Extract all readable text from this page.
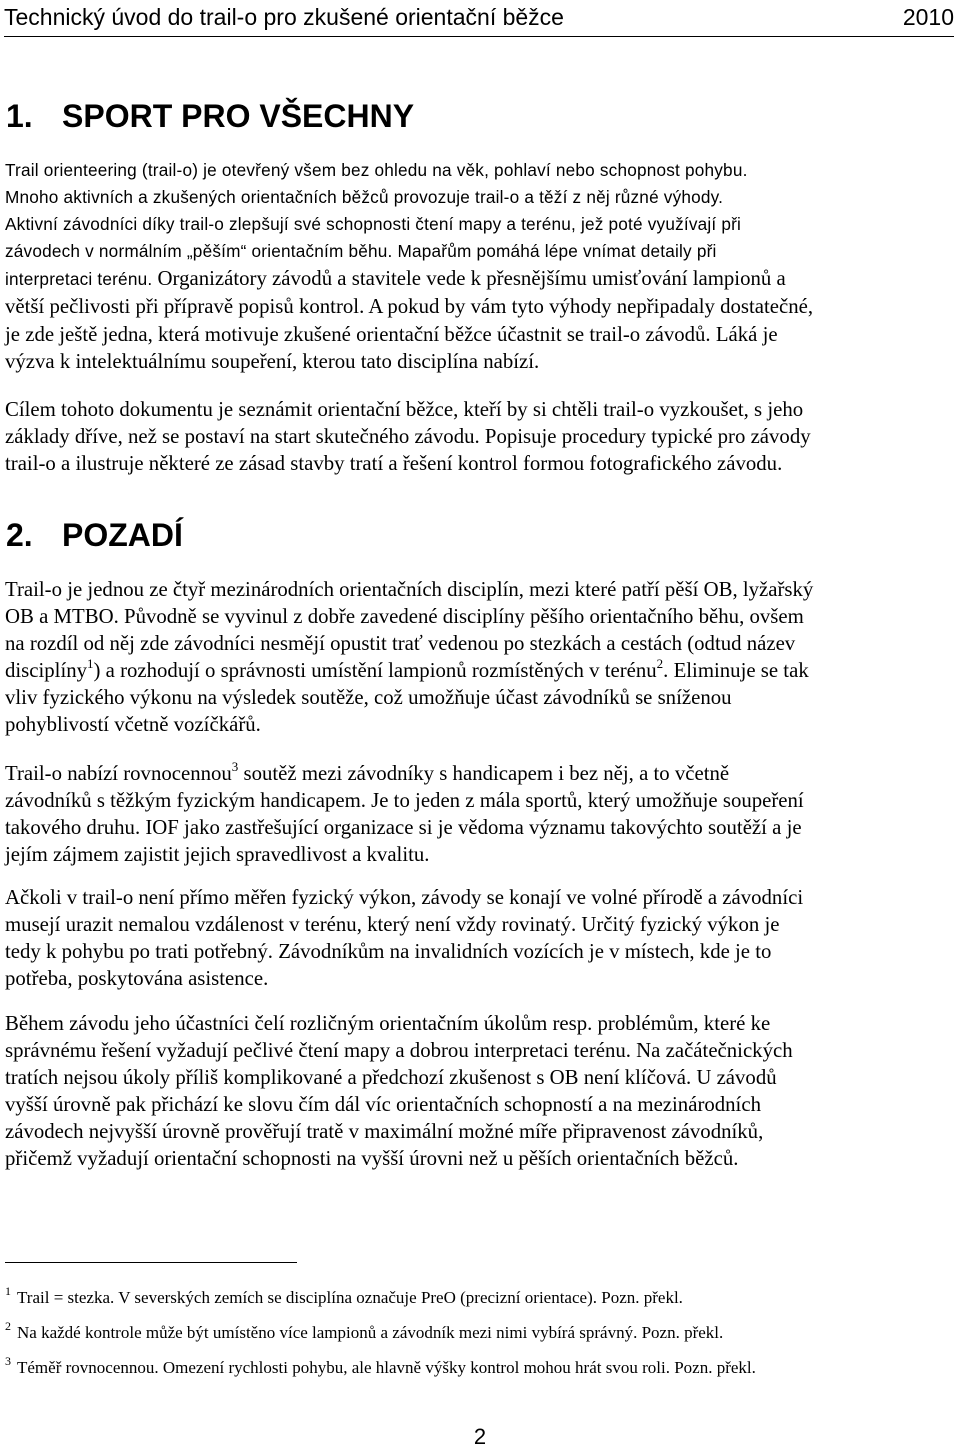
Technický úvod do trail-o pro zkušené orientační běžce	2010
1. SPORT PRO VŠECHNY
Trail orienteering (trail-o) je otevřený všem bez ohledu na věk, pohlaví nebo schopnost pohybu.
Mnoho aktivních a zkušených orientačních běžců provozuje trail-o a těží z něj různé výhody.
Aktivní závodníci díky trail-o zlepšují své schopnosti čtení mapy a terénu, jež poté využívají při
závodech v normálním „pěším“ orientačním běhu. Mapařům pomáhá lépe vnímat detaily při
interpretaci terénu. Organizátory závodů a stavitele vede k přesnějšímu umisťování lampionů a
větší pečlivosti při přípravě popisů kontrol. A pokud by vám tyto výhody nepřipadaly dostatečné,
je zde ještě jedna, která motivuje zkušené orientační běžce účastnit se trail-o závodů. Láká je
výzva k intelektuálnímu soupeření, kterou tato disciplína nabízí.
Cílem tohoto dokumentu je seznámit orientační běžce, kteří by si chtěli trail-o vyzkoušet, s jeho
základy dříve, než se postaví na start skutečného závodu. Popisuje procedury typické pro závody
trail-o a ilustruje některé ze zásad stavby tratí a řešení kontrol formou fotografického závodu.
2. POZADÍ
Trail-o je jednou ze čtyř mezinárodních orientačních disciplín, mezi které patří pěší OB, lyžařský
OB a MTBO. Původně se vyvinul z dobře zavedené disciplíny pěšího orientačního běhu, ovšem
na rozdíl od něj zde závodníci nesmějí opustit trať vedenou po stezkách a cestách (odtud název
disciplíny$^1$) a rozhodují o správnosti umístění lampionů rozmístěných v terénu$^2$. Eliminuje se tak
vliv fyzického výkonu na výsledek soutěže, což umožňuje účast závodníků se sníženou
pohyblivostí včetně vozíčkářů.
Trail-o nabízí rovnocennou$^3$ soutěž mezi závodníky s handicapem i bez něj, a to včetně
závodníků s těžkým fyzickým handicapem. Je to jeden z mála sportů, který umožňuje soupeření
takového druhu. IOF jako zastřešující organizace si je vědoma významu takovýchto soutěží a je
jejím zájmem zajistit jejich spravedlivost a kvalitu.
Ačkoli v trail-o není přímo měřen fyzický výkon, závody se konají ve volné přírodě a závodníci
musejí urazit nemalou vzdálenost v terénu, který není vždy rovinatý. Určitý fyzický výkon je
tedy k pohybu po trati potřebný. Závodníkům na invalidních vozících je v místech, kde je to
potřeba, poskytována asistence.
Během závodu jeho účastníci čelí rozličným orientačním úkolům resp. problémům, které ke
správnému řešení vyžadují pečlivé čtení mapy a dobrou interpretaci terénu. Na začátečnických
tratích nejsou úkoly příliš komplikované a předchozí zkušenost s OB není klíčová. U závodů
vyšší úrovně pak přichází ke slovu čím dál víc orientačních schopností a na mezinárodních
závodech nejvyšší úrovně prověřují tratě v maximální možné míře připravenost závodníků,
přičemž vyžadují orientační schopnosti na vyšší úrovni než u pěších orientačních běžců.

$^1$ Trail = stezka. V severských zemích se disciplína označuje PreO (precizní orientace). Pozn. překl.

$^2$ Na každé kontrole může být umístěno více lampionů a závodník mezi nimi vybírá správný. Pozn. překl.

$^3$ Téměř rovnocennou. Omezení rychlosti pohybu, ale hlavně výšky kontrol mohou hrát svou roli. Pozn. překl.

2
